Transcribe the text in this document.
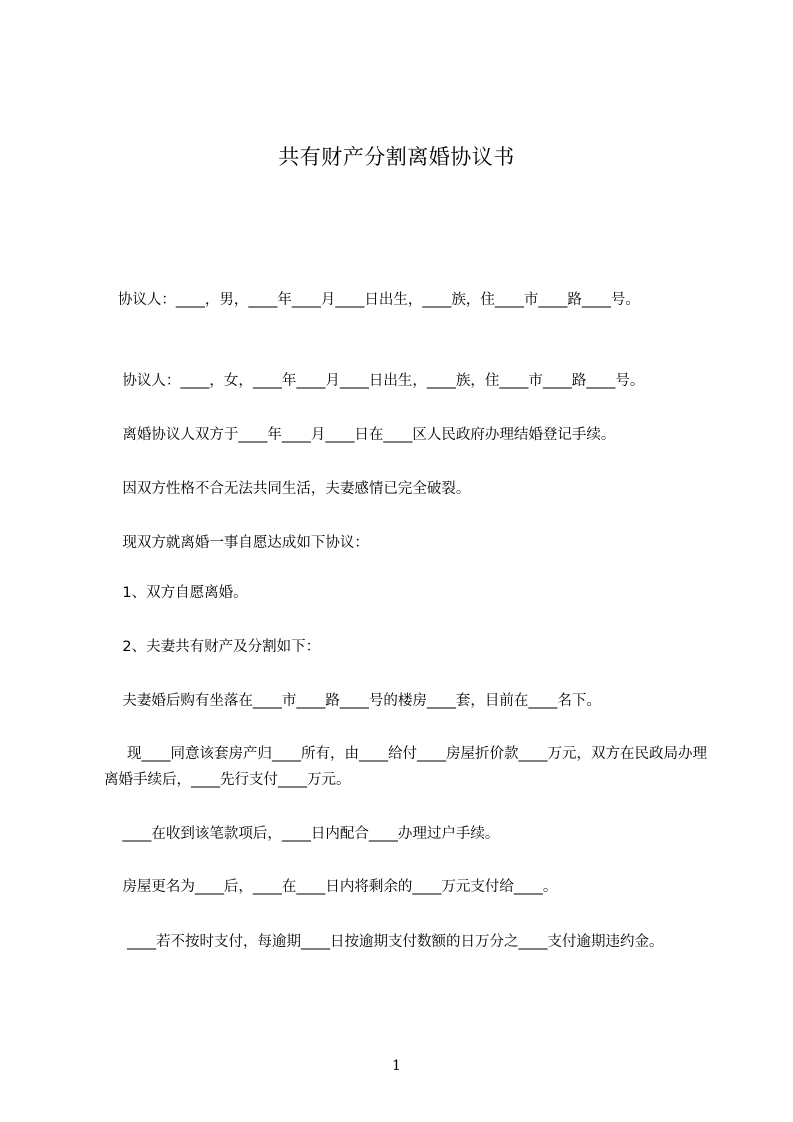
共有财产分割离婚协议书
协议人：____，男，____年____月____日出生，____族，住____市____路____号。
协议人：____，女，____年____月____日出生，____族，住____市____路____号。
离婚协议人双方于____年____月____日在____区人民政府办理结婚登记手续。
因双方性格不合无法共同生活，夫妻感情已完全破裂。
现双方就离婚一事自愿达成如下协议：
1、双方自愿离婚。
2、夫妻共有财产及分割如下：
夫妻婚后购有坐落在____市____路____号的楼房____套，目前在____名下。
现____同意该套房产归____所有，由____给付____房屋折价款____万元，双方在民政局办理离婚手续后，____先行支付____万元。
____在收到该笔款项后，____日内配合____办理过户手续。
房屋更名为____后，____在____日内将剩余的____万元支付给____。
____若不按时支付，每逾期____日按逾期支付数额的日万分之____支付逾期违约金。
1
